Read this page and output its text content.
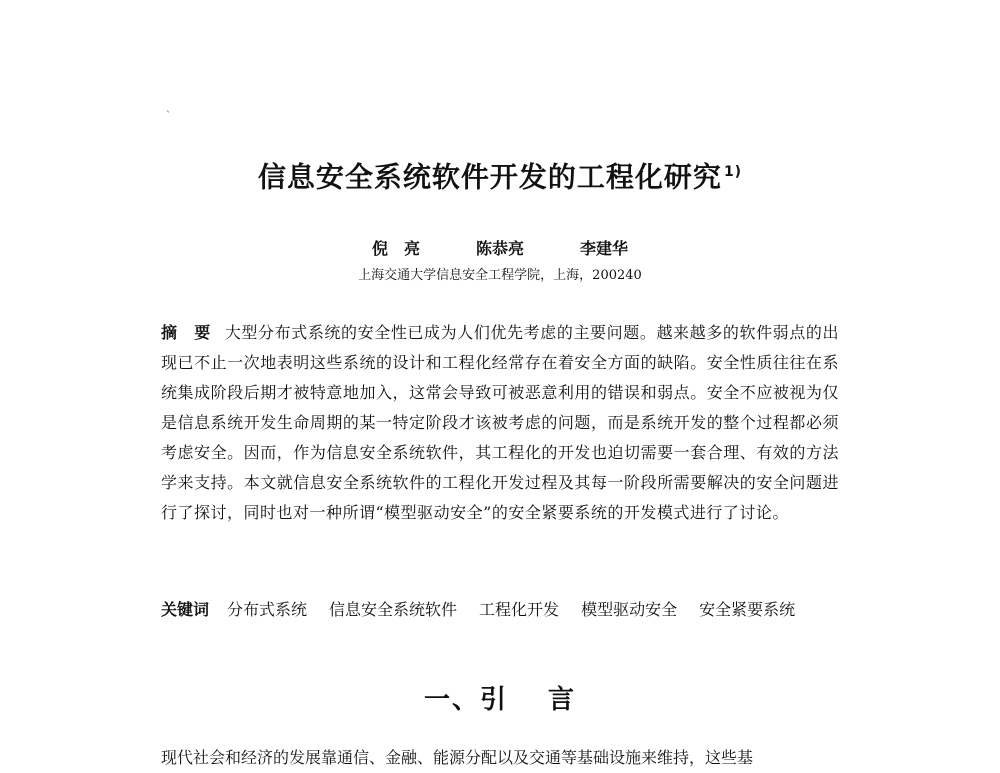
`
信息安全系统软件开发的工程化研究 $^{1)}$
倪　亮	陈恭亮	李建华
上海交通大学信息安全工程学院，上海，200240
摘　要 大型分布式系统的安全性已成为人们优先考虑的主要问题。越来越多的软件弱点的出现已不止一次地表明这些系统的设计和工程化经常存在着安全方面的缺陷。安全性质往往在系统集成阶段后期才被特意地加入，这常会导致可被恶意利用的错误和弱点。安全不应被视为仅是信息系统开发生命周期的某一特定阶段才该被考虑的问题，而是系统开发的整个过程都必须考虑安全。因而，作为信息安全系统软件，其工程化的开发也迫切需要一套合理、有效的方法学来支持。本文就信息安全系统软件的工程化开发过程及其每一阶段所需要解决的安全问题进行了探讨，同时也对一种所谓“模型驱动安全”的安全紧要系统的开发模式进行了讨论。
关键词 分布式系统 信息安全系统软件 工程化开发 模型驱动安全 安全紧要系统
一、引 言
现代社会和经济的发展靠通信、金融、能源分配以及交通等基础设施来维持，这些基
